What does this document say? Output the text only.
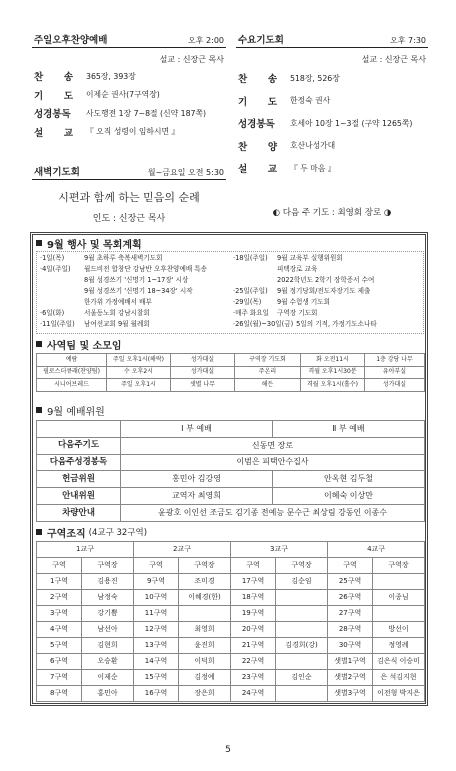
주일오후찬양예배	오후 2:00
설교 : 신장근 목사
찬 송 365장, 393장
기 도 이제순 권사(7구역장)
성경봉독 사도행전 1장 7~8절 (신약 187쪽)
설 교 『 오직 성령이 임하시면 』
새벽기도회	월~금요일 오전 5:30
시편과 함께 하는 믿음의 순례
인도 : 신장근 목사
수요기도회	오후 7:30
설교 : 신장근 목사
찬 송 518장, 526장
기 도 한정숙 권사
성경봉독 호세아 10장 1~3절 (구약 1265쪽)
찬 양 호산나성가대
설 교 『 두 마음 』
◐ 다음 주 기도 : 최영회 장로 ◑
9월 행사 및 목회계획
·1일(목)	9월 초하루 축복새벽기도회
·4일(주일)	월드비전 합창단 강남반 오후찬양예배 특송
8월 성경쓰기 '신명기 1~17장' 시상
9월 성경쓰기 '신명기 18~34장' 시작
한가위 가정예배서 배부
·6일(화)	서울동노회 강남시찰회
·11일(주일)	남여선교회 9월 월례회
·18일(주일)	9월 교육부 실행위원회
피택장로 교육
2022학년도 2학기 장학증서 수여
·25일(주일)	9월 정기당회/전도자장기도 제출
·29일(목)	9월 수험생 기도회
·매주 화요일	구역장 기도회
·26일(월)~30일(금) 5일의 기적, 가정기도소나타
사역팀 및 소모임
예람	주일 오후1시(해락)	성가대실	구역장 기도회	화 오전11시	1층 강당 나무
필로스더큐래(찬양팀)	수 오후2시	성가대실	주온리	격월 오후1시30분	유아부실
시니어브레드	주일 오후1시	샛별 나무	해든	격월 오후1시(홀수)	성가대실
9월 예배위원
	Ⅰ 부 예배	Ⅱ 부 예배
다음주기도	신동면 장로	
다음주성경봉독	이범은 피택안수집사	
헌금위원	홍민아 김강영	안옥현 김두철
안내위원	교역자 최영희	이혜숙 이상만
차량안내	윤광호 이인선 조금도 김기종 전예능 문수근 최상림 강동인 이종수	
구역조직 (4교구 32구역)
1교구		2교구		3교구		4교구	
구역	구역장	구역	구역장	구역	구역장	구역	구역장
1구역	김용진	9구역	조미경	17구역	김순임	25구역	
2구역	남정숙	10구역	이혜경(한)	18구역		26구역	이종님
3구역	강기쁨	11구역		19구역		27구역	
4구역	남선아	12구역	최영희	20구역		28구역	방선이
5구역	김현희	13구역	윤진희	21구역	김경희(강)	30구역	정영례
6구역	오승환	14구역	이덕희	22구역		샛별1구역	김은식 이승미
7구역	이제순	15구역	김정예	23구역	김인순	샛별2구역	은 석김지현
8구역	홍민아	16구역	장은희	24구역		샛별3구역	이전형 박지은
5
